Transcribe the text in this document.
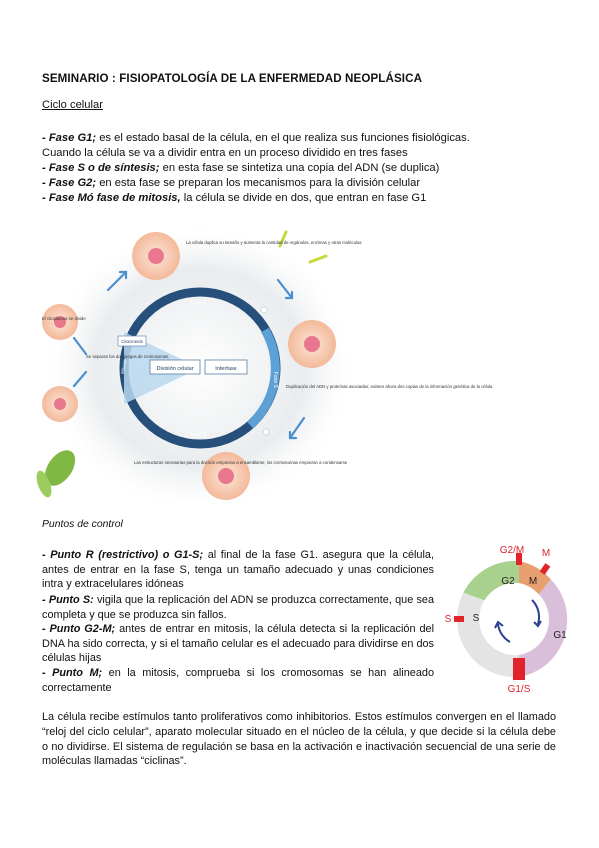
SEMINARIO : FISIOPATOLOGÍA DE LA ENFERMEDAD NEOPLÁSICA
Ciclo celular
- Fase G1; es el estado basal de la célula, en el que realiza sus funciones fisiológicas.
Cuando la célula se va a dividir entra en un proceso dividido en tres fases
- Fase S o de síntesis; en esta fase se sintetiza una copia del ADN (se duplica)
- Fase G2; en esta fase se preparan los mecanismos para la división celular
- Fase Mó fase de mitosis, la célula se divide en dos, que entran en fase G1
División celular	Interfase
Citocinesis
Mitosis
Fase G
Fase S
Fase G
La célula duplica su tamaño y aumenta la cantidad de orgánulos, enzimas y otras moléculas
Duplicación del ADN y proteínas asociadas; existen ahora dos copias de la información genética de la célula
Las estructuras necesarias para la división empiezan a ensamblarse; los cromosomas empiezan a condensarse
El citoplasma se divide
Se separan los dos juegos de cromosomas
Puntos de control
- Punto R (restrictivo) o G1-S; al final de la fase G1. asegura que la célula, antes de entrar en la fase S, tenga un tamaño adecuado y unas condiciones intra y extracelulares idóneas
- Punto S: vigila que la replicación del ADN se produzca correctamente, que sea completa y que se produzca sin fallos.
- Punto G2-M; antes de entrar en mitosis, la célula detecta si la replicación del DNA ha sido correcta, y si el tamaño celular es el adecuado para dividirse en dos células hijas
- Punto M; en la mitosis, comprueba si los cromosomas se han alineado correctamente
G2/M M
G2 M
S
S
G1
G1/S
La célula recibe estímulos tanto proliferativos como inhibitorios. Estos estímulos convergen en el llamado “reloj del ciclo celular”, aparato molecular situado en el núcleo de la célula, y que decide si la célula debe o no dividirse. El sistema de regulación se basa en la activación e inactivación secuencial de una serie de moléculas llamadas “ciclinas”.
